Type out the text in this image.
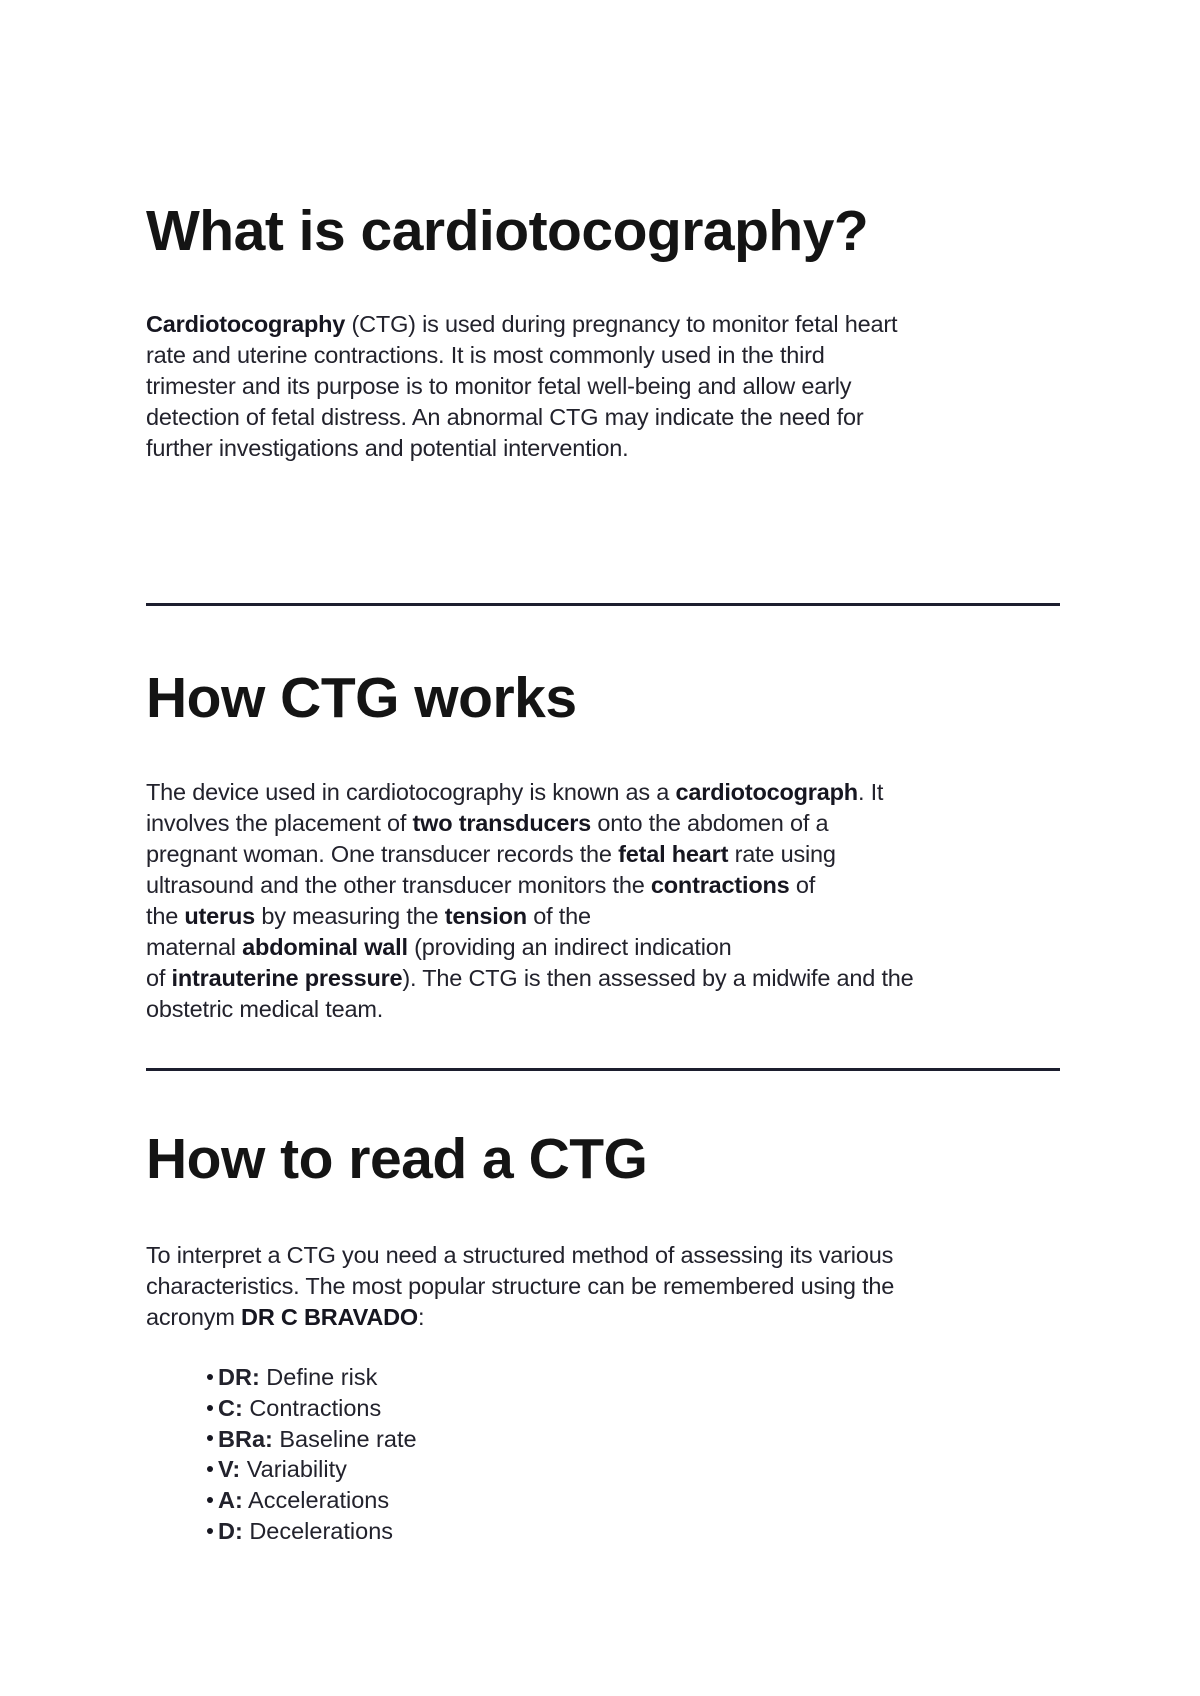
What is cardiotocography?
Cardiotocography (CTG) is used during pregnancy to monitor fetal heart
rate and uterine contractions. It is most commonly used in the third
trimester and its purpose is to monitor fetal well-being and allow early
detection of fetal distress. An abnormal CTG may indicate the need for
further investigations and potential intervention.
How CTG works
The device used in cardiotocography is known as a cardiotocograph. It
involves the placement of two transducers onto the abdomen of a
pregnant woman. One transducer records the fetal heart rate using
ultrasound and the other transducer monitors the contractions of
the uterus by measuring the tension of the
maternal abdominal wall (providing an indirect indication
of intrauterine pressure). The CTG is then assessed by a midwife and the
obstetric medical team.
How to read a CTG
To interpret a CTG you need a structured method of assessing its various
characteristics. The most popular structure can be remembered using the
acronym DR C BRAVADO:
DR: Define risk
C: Contractions
BRa: Baseline rate
V: Variability
A: Accelerations
D: Decelerations
